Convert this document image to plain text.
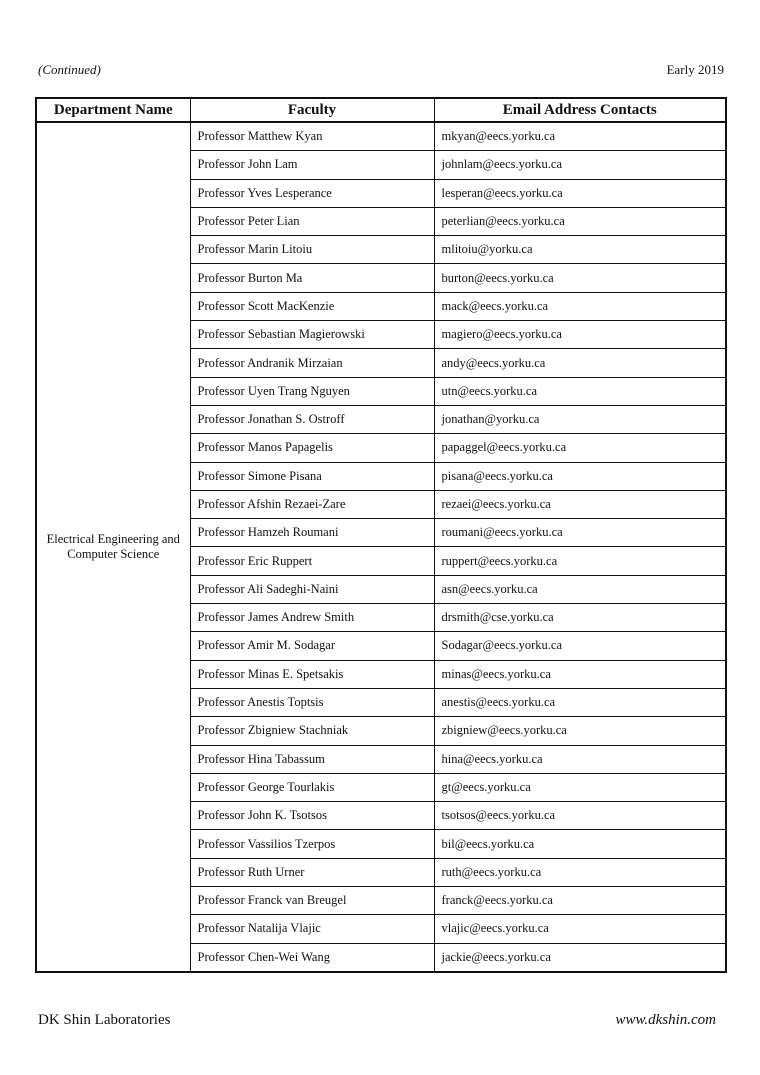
(Continued)	Early 2019
Department Name	Faculty	Email Address Contacts
Electrical Engineering and
Computer Science	Professor Matthew Kyan	mkyan@eecs.yorku.ca
	Professor John Lam	johnlam@eecs.yorku.ca
	Professor Yves Lesperance	lesperan@eecs.yorku.ca
	Professor Peter Lian	peterlian@eecs.yorku.ca
	Professor Marin Litoiu	mlitoiu@yorku.ca
	Professor Burton Ma	burton@eecs.yorku.ca
	Professor Scott MacKenzie	mack@eecs.yorku.ca
	Professor Sebastian Magierowski	magiero@eecs.yorku.ca
	Professor Andranik Mirzaian	andy@eecs.yorku.ca
	Professor Uyen Trang Nguyen	utn@eecs.yorku.ca
	Professor Jonathan S. Ostroff	jonathan@yorku.ca
	Professor Manos Papagelis	papaggel@eecs.yorku.ca
	Professor Simone Pisana	pisana@eecs.yorku.ca
	Professor Afshin Rezaei-Zare	rezaei@eecs.yorku.ca
	Professor Hamzeh Roumani	roumani@eecs.yorku.ca
	Professor Eric Ruppert	ruppert@eecs.yorku.ca
	Professor Ali Sadeghi-Naini	asn@eecs.yorku.ca
	Professor James Andrew Smith	drsmith@cse.yorku.ca
	Professor Amir M. Sodagar	Sodagar@eecs.yorku.ca
	Professor Minas E. Spetsakis	minas@eecs.yorku.ca
	Professor Anestis Toptsis	anestis@eecs.yorku.ca
	Professor Zbigniew Stachniak	zbigniew@eecs.yorku.ca
	Professor Hina Tabassum	hina@eecs.yorku.ca
	Professor George Tourlakis	gt@eecs.yorku.ca
	Professor John K. Tsotsos	tsotsos@eecs.yorku.ca
	Professor Vassilios Tzerpos	bil@eecs.yorku.ca
	Professor Ruth Urner	ruth@eecs.yorku.ca
	Professor Franck van Breugel	franck@eecs.yorku.ca
	Professor Natalija Vlajic	vlajic@eecs.yorku.ca
	Professor Chen-Wei Wang	jackie@eecs.yorku.ca
DK Shin Laboratories	www.dkshin.com
